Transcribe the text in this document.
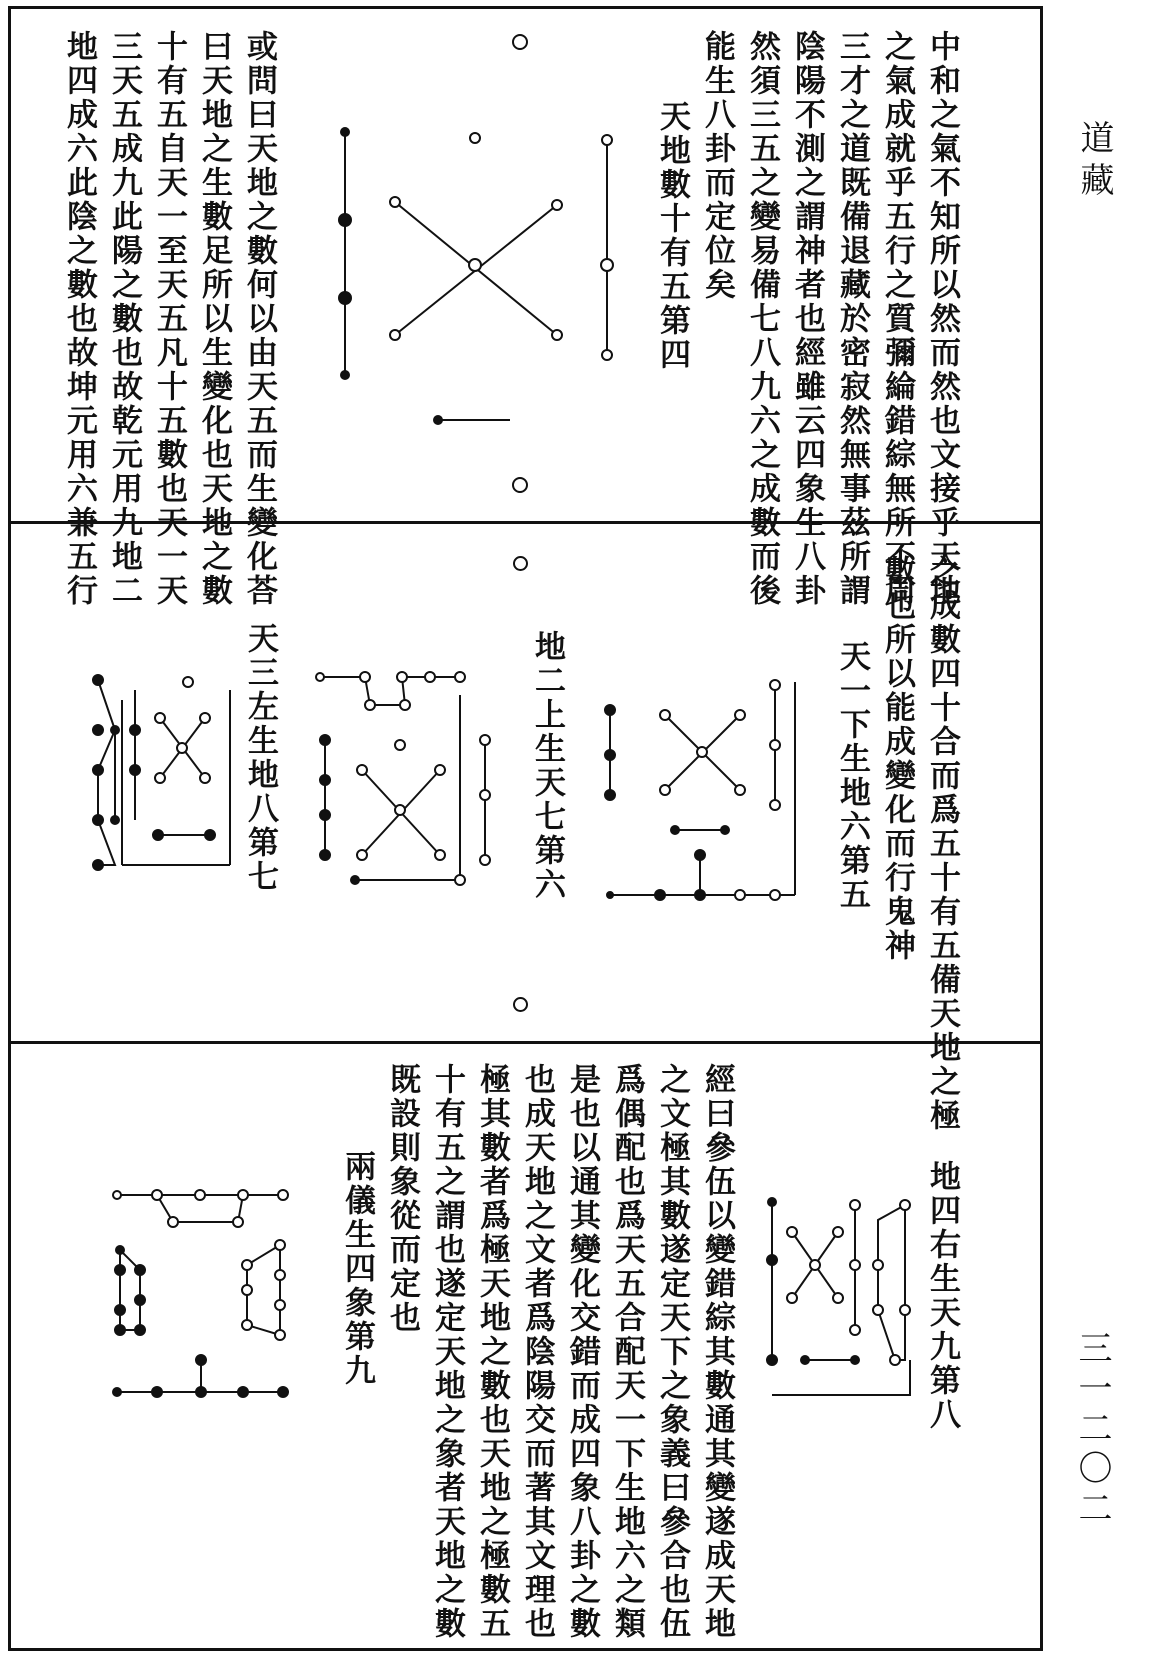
道藏
三一二〇二
中和之氣不知所以然而然也文接乎天地
之氣成就乎五行之質彌綸錯綜無所不周
三才之道既備退藏於密寂然無事茲所謂
陰陽不測之謂神者也經雖云四象生八卦
然須三五之變易備七八九六之成數而後
能生八卦而定位矣
天地數十有五第四
或問曰天地之數何以由天五而生變化荅
曰天地之生數足所以生變化也天地之數
十有五自天一至天五凡十五數也天一天
三天五成九此陽之數也故乾元用九地二
地四成六此陰之數也故坤元用六兼五行
之成數四十合而爲五十有五備天地之極
數也所以能成變化而行鬼神
天一下生地六第五
地二上生天七第六
天三左生地八第七
地四右生天九第八
經曰參伍以變錯綜其數通其變遂成天地
之文極其數遂定天下之象義曰參合也伍
爲偶配也爲天五合配天一下生地六之類
是也以通其變化交錯而成四象八卦之數
也成天地之文者爲陰陽交而著其文理也
極其數者爲極天地之數也天地之極數五
十有五之謂也遂定天地之象者天地之數
既設則象從而定也
兩儀生四象第九
